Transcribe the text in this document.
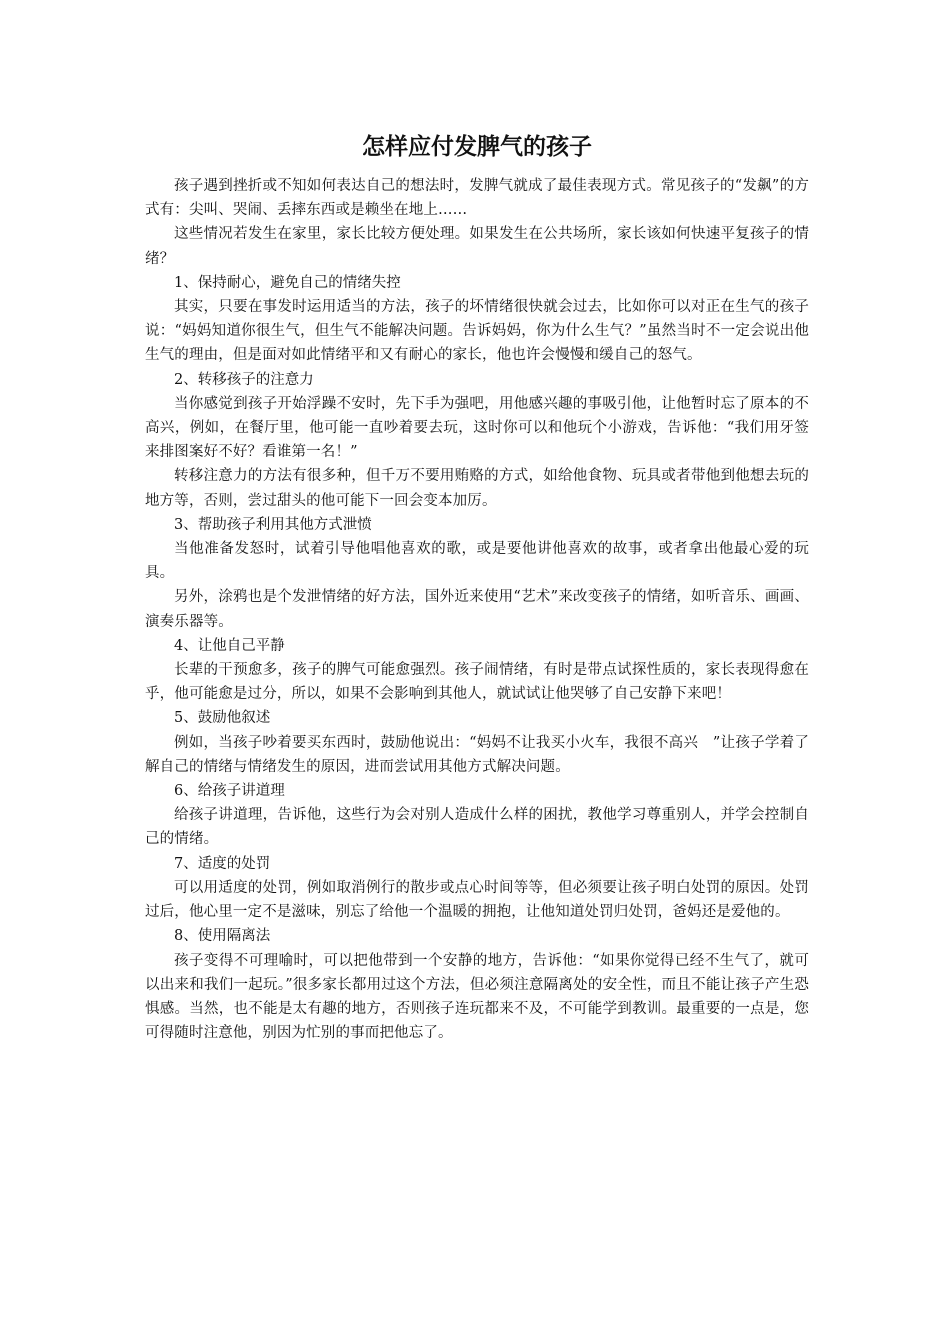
怎样应付发脾气的孩子

孩子遇到挫折或不知如何表达自己的想法时，发脾气就成了最佳表现方式。常见孩子的“发飙”的方式有：尖叫、哭闹、丢摔东西或是赖坐在地上……

这些情况若发生在家里，家长比较方便处理。如果发生在公共场所，家长该如何快速平复孩子的情绪？

1、保持耐心，避免自己的情绪失控

其实，只要在事发时运用适当的方法，孩子的坏情绪很快就会过去，比如你可以对正在生气的孩子说：“妈妈知道你很生气，但生气不能解决问题。告诉妈妈，你为什么生气？”虽然当时不一定会说出他生气的理由，但是面对如此情绪平和又有耐心的家长，他也许会慢慢和缓自己的怒气。

2、转移孩子的注意力

当你感觉到孩子开始浮躁不安时，先下手为强吧，用他感兴趣的事吸引他，让他暂时忘了原本的不高兴，例如，在餐厅里，他可能一直吵着要去玩，这时你可以和他玩个小游戏，告诉他：“我们用牙签来排图案好不好？看谁第一名！”

转移注意力的方法有很多种，但千万不要用贿赂的方式，如给他食物、玩具或者带他到他想去玩的地方等，否则，尝过甜头的他可能下一回会变本加厉。

3、帮助孩子利用其他方式泄愤

当他准备发怒时，试着引导他唱他喜欢的歌，或是要他讲他喜欢的故事，或者拿出他最心爱的玩具。

另外，涂鸦也是个发泄情绪的好方法，国外近来使用“艺术”来改变孩子的情绪，如听音乐、画画、演奏乐器等。

4、让他自己平静

长辈的干预愈多，孩子的脾气可能愈强烈。孩子闹情绪，有时是带点试探性质的，家长表现得愈在乎，他可能愈是过分，所以，如果不会影响到其他人，就试试让他哭够了自己安静下来吧！

5、鼓励他叙述

例如，当孩子吵着要买东西时，鼓励他说出：“妈妈不让我买小火车，我很不高兴　”让孩子学着了解自己的情绪与情绪发生的原因，进而尝试用其他方式解决问题。

6、给孩子讲道理

给孩子讲道理，告诉他，这些行为会对别人造成什么样的困扰，教他学习尊重别人，并学会控制自己的情绪。

7、适度的处罚

可以用适度的处罚，例如取消例行的散步或点心时间等等，但必须要让孩子明白处罚的原因。处罚过后，他心里一定不是滋味，别忘了给他一个温暖的拥抱，让他知道处罚归处罚，爸妈还是爱他的。

8、使用隔离法

孩子变得不可理喻时，可以把他带到一个安静的地方，告诉他：“如果你觉得已经不生气了，就可以出来和我们一起玩。”很多家长都用过这个方法，但必须注意隔离处的安全性，而且不能让孩子产生恐惧感。当然，也不能是太有趣的地方，否则孩子连玩都来不及，不可能学到教训。最重要的一点是，您可得随时注意他，别因为忙别的事而把他忘了。
